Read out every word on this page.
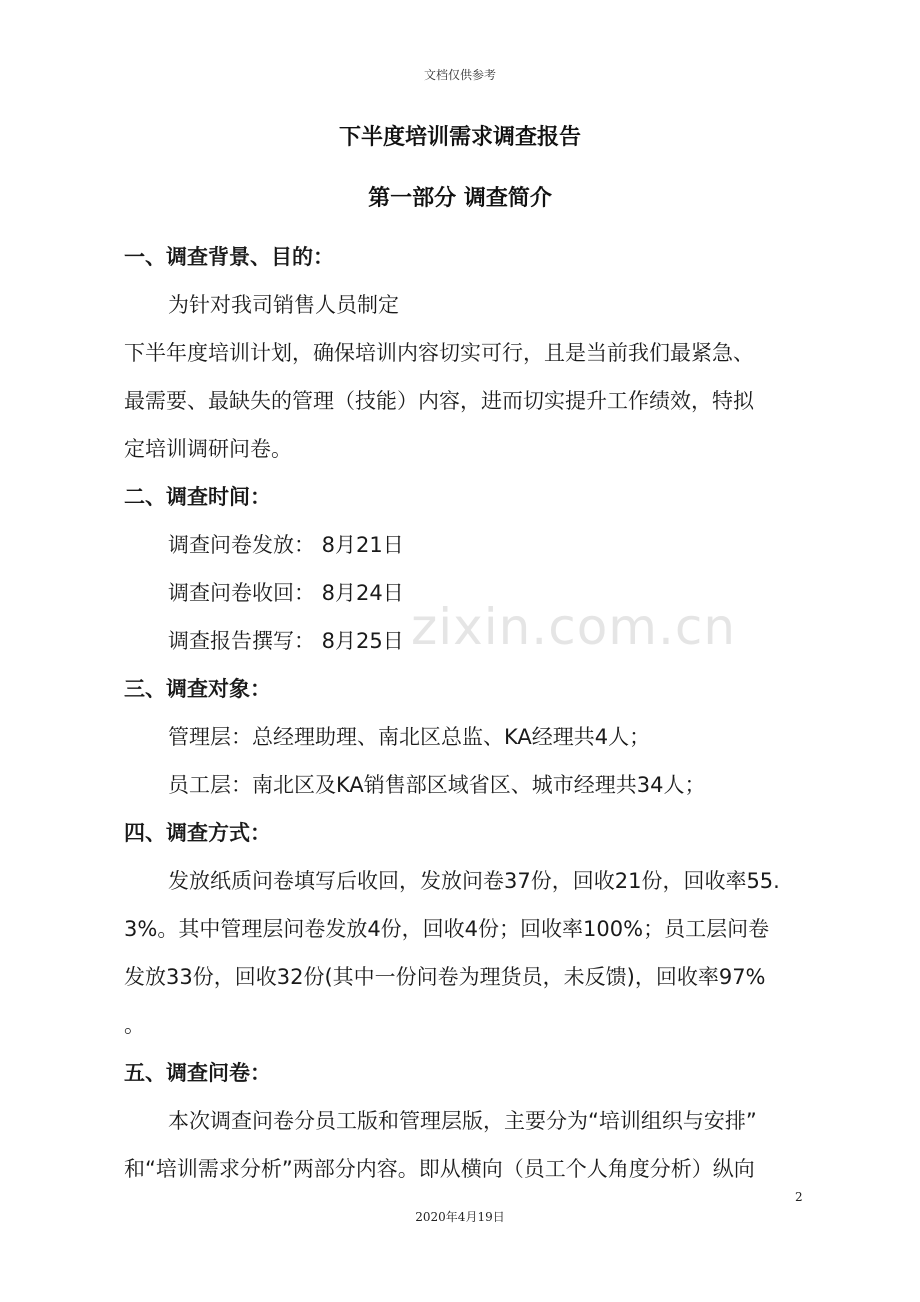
文档仅供参考
下半度培训需求调查报告
第一部分 调查简介
一、调查背景、目的：
为针对我司销售人员制定
下半年度培训计划，确保培训内容切实可行，且是当前我们最紧急、
最需要、最缺失的管理（技能）内容，进而切实提升工作绩效，特拟
定培训调研问卷。
二、调查时间：
调查问卷发放： 8月21日
调查问卷收回： 8月24日
调查报告撰写： 8月25日
三、调查对象：
管理层：总经理助理、南北区总监、KA经理共4人；
员工层：南北区及KA销售部区域省区、城市经理共34人；
四、调查方式：
发放纸质问卷填写后收回，发放问卷37份，回收21份，回收率55.
3%。其中管理层问卷发放4份，回收4份；回收率100%；员工层问卷
发放33份，回收32份(其中一份问卷为理货员，未反馈)，回收率97%
。
五、调查问卷：
本次调查问卷分员工版和管理层版，主要分为“培训组织与安排”
和“培训需求分析”两部分内容。即从横向（员工个人角度分析）纵向
zixin.com.cn
2
2020年4月19日
